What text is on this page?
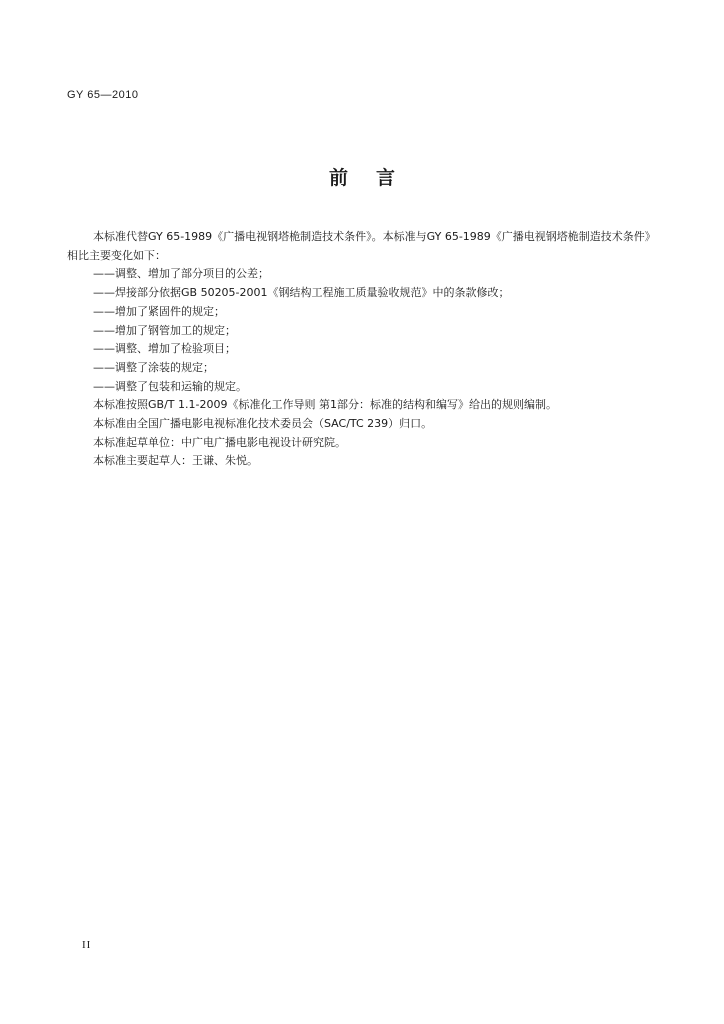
GY 65—2010
前 言

本标准代替GY 65-1989《广播电视钢塔桅制造技术条件》。本标准与GY 65-1989《广播电视钢塔桅制造技术条件》相比主要变化如下：

——调整、增加了部分项目的公差；

——焊接部分依据GB 50205-2001《钢结构工程施工质量验收规范》中的条款修改；

——增加了紧固件的规定；

——增加了钢管加工的规定；

——调整、增加了检验项目；

——调整了涂装的规定；

——调整了包装和运输的规定。

本标准按照GB/T 1.1-2009《标准化工作导则 第1部分：标准的结构和编写》给出的规则编制。

本标准由全国广播电影电视标准化技术委员会（SAC/TC 239）归口。

本标准起草单位：中广电广播电影电视设计研究院。

本标准主要起草人：王谦、朱悦。

II
